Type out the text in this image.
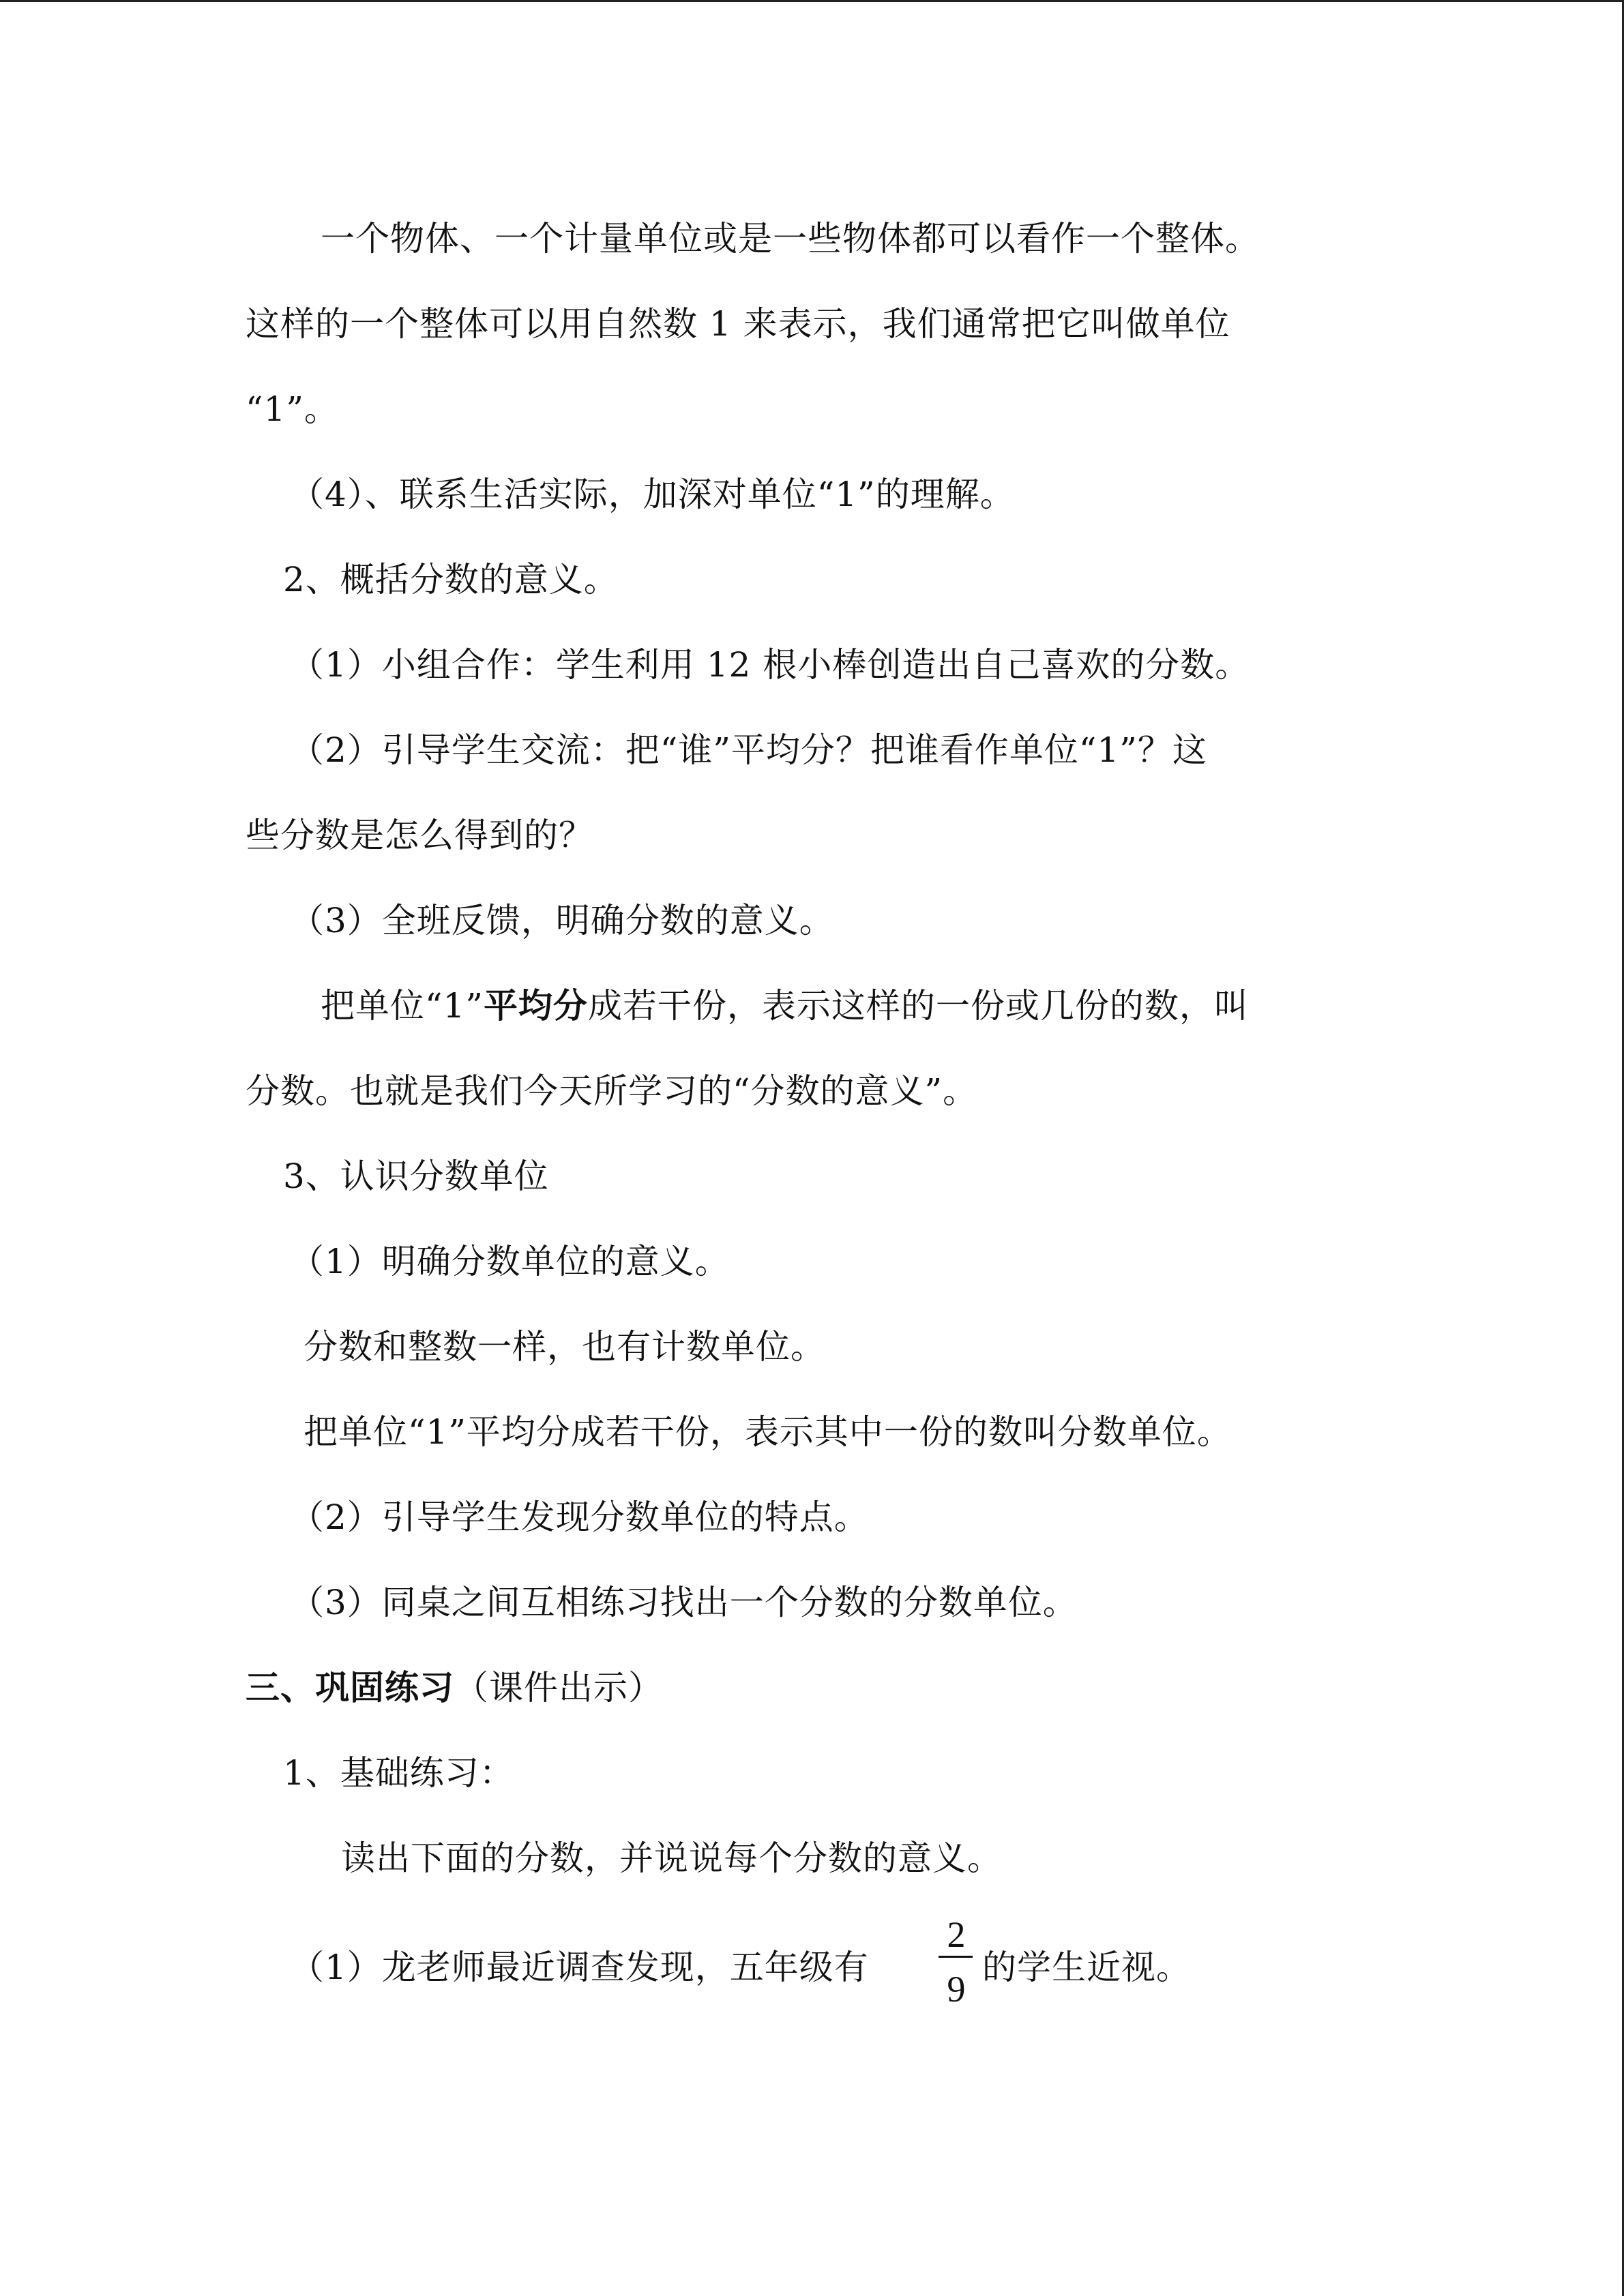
一个物体、一个计量单位或是一些物体都可以看作一个整体。
这样的一个整体可以用自然数 1 来表示，我们通常把它叫做单位
“1”。
（4）、联系生活实际，加深对单位“1”的理解。
2、概括分数的意义。
（1）小组合作：学生利用 12 根小棒创造出自己喜欢的分数。
（2）引导学生交流：把“谁”平均分？把谁看作单位“1”？这
些分数是怎么得到的？
（3）全班反馈，明确分数的意义。
把单位“1”平均分成若干份，表示这样的一份或几份的数，叫
分数。也就是我们今天所学习的“分数的意义”。
3、认识分数单位
（1）明确分数单位的意义。
分数和整数一样，也有计数单位。
把单位“1”平均分成若干份，表示其中一份的数叫分数单位。
（2）引导学生发现分数单位的特点。
（3）同桌之间互相练习找出一个分数的分数单位。
三、巩固练习（课件出示）
1、基础练习：
读出下面的分数，并说说每个分数的意义。
（1）龙老师最近调查发现，五年级有
2
9
的学生近视。
